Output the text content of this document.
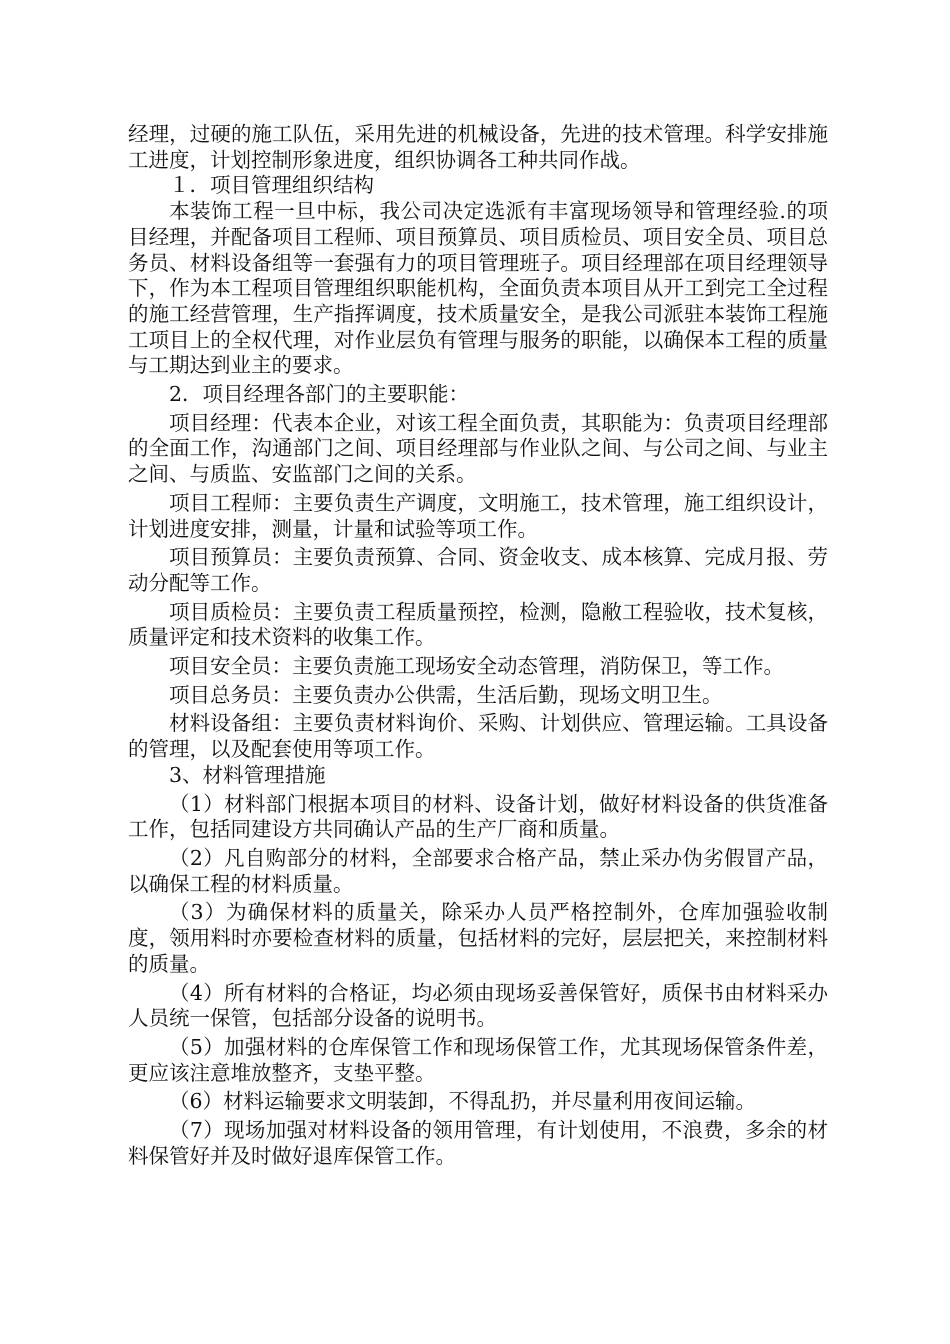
经理，过硬的施工队伍，采用先进的机械设备，先进的技术管理。科学安排施工进度，计划控制形象进度，组织协调各工种共同作战。

１．项目管理组织结构

本装饰工程一旦中标，我公司决定选派有丰富现场领导和管理经验.的项目经理，并配备项目工程师、项目预算员、项目质检员、项目安全员、项目总务员、材料设备组等一套强有力的项目管理班子。项目经理部在项目经理领导下，作为本工程项目管理组织职能机构，全面负责本项目从开工到完工全过程的施工经营管理，生产指挥调度，技术质量安全，是我公司派驻本装饰工程施工项目上的全权代理，对作业层负有管理与服务的职能，以确保本工程的质量与工期达到业主的要求。

2．项目经理各部门的主要职能：

项目经理：代表本企业，对该工程全面负责，其职能为：负责项目经理部的全面工作，沟通部门之间、项目经理部与作业队之间、与公司之间、与业主之间、与质监、安监部门之间的关系。

项目工程师：主要负责生产调度，文明施工，技术管理，施工组织设计，计划进度安排，测量，计量和试验等项工作。

项目预算员：主要负责预算、合同、资金收支、成本核算、完成月报、劳动分配等工作。

项目质检员：主要负责工程质量预控，检测，隐敝工程验收，技术复核，质量评定和技术资料的收集工作。

项目安全员：主要负责施工现场安全动态管理，消防保卫，等工作。

项目总务员：主要负责办公供需，生活后勤，现场文明卫生。

材料设备组：主要负责材料询价、采购、计划供应、管理运输。工具设备的管理，以及配套使用等项工作。

3、材料管理措施

（1）材料部门根据本项目的材料、设备计划，做好材料设备的供货准备工作，包括同建设方共同确认产品的生产厂商和质量。

（2）凡自购部分的材料，全部要求合格产品，禁止采办伪劣假冒产品，以确保工程的材料质量。

（3）为确保材料的质量关，除采办人员严格控制外，仓库加强验收制度，领用料时亦要检查材料的质量，包括材料的完好，层层把关，来控制材料的质量。

（4）所有材料的合格证，均必须由现场妥善保管好，质保书由材料采办人员统一保管，包括部分设备的说明书。

（5）加强材料的仓库保管工作和现场保管工作，尤其现场保管条件差，更应该注意堆放整齐，支垫平整。

（6）材料运输要求文明装卸，不得乱扔，并尽量利用夜间运输。

（7）现场加强对材料设备的领用管理，有计划使用，不浪费，多余的材料保管好并及时做好退库保管工作。
